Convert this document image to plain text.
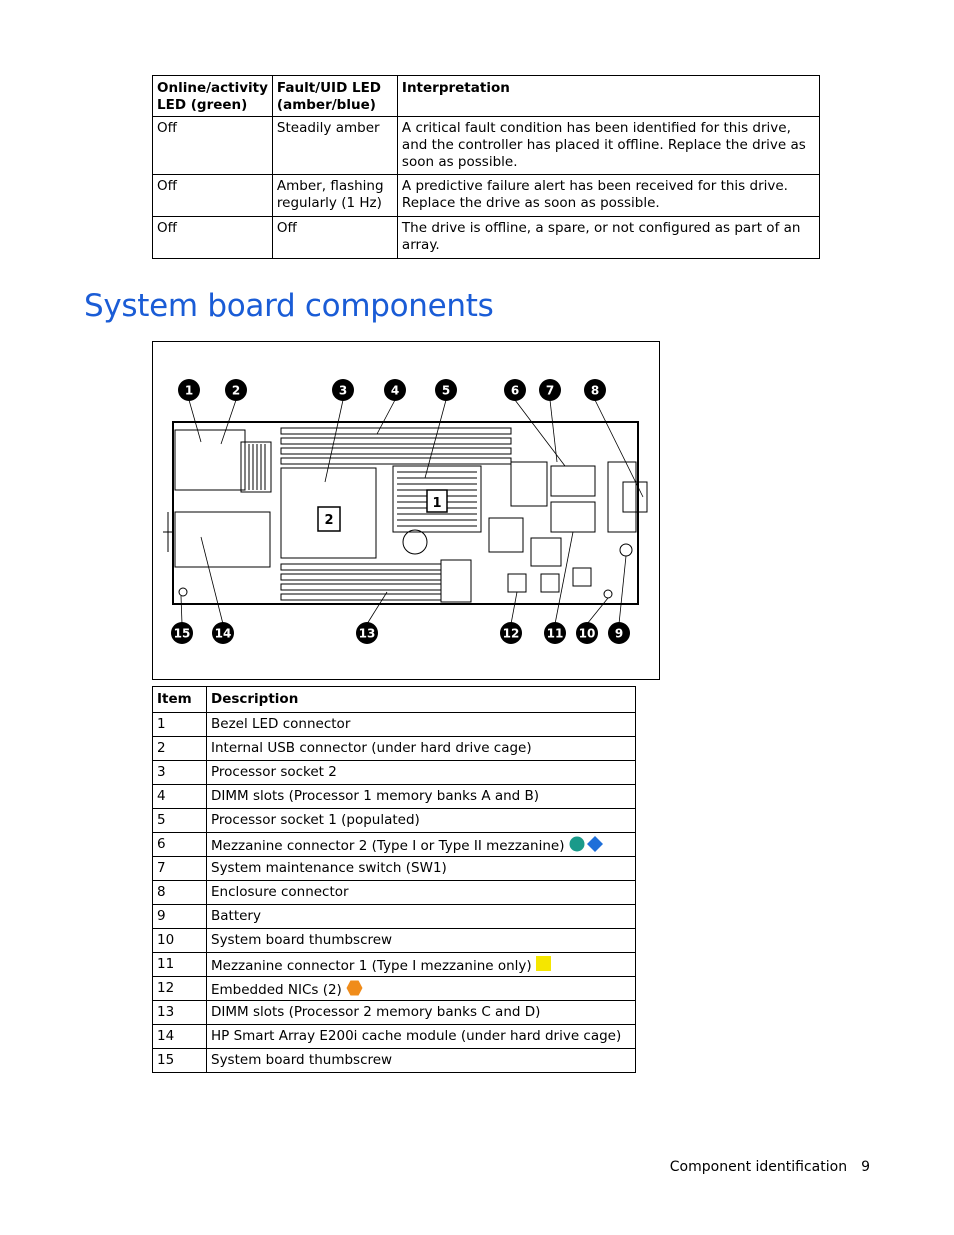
Online/activity LED (green)	Fault/UID LED (amber/blue)	Interpretation
Off	Steadily amber	A critical fault condition has been identified for this drive, and the controller has placed it offline. Replace the drive as soon as possible.
Off	Amber, flashing regularly (1 Hz)	A predictive failure alert has been received for this drive. Replace the drive as soon as possible.
Off	Off	The drive is offline, a spare, or not configured as part of an array.
System board components
1
2
1	2	3	4	5	6 7	8
9
10
11
12
13
14
15
Item	Description
1	Bezel LED connector
2	Internal USB connector (under hard drive cage)
3	Processor socket 2
4	DIMM slots (Processor 1 memory banks A and B)
5	Processor socket 1 (populated)
6	Mezzanine connector 2 (Type I or Type II mezzanine)
7	System maintenance switch (SW1)
8	Enclosure connector
9	Battery
10	System board thumbscrew
11	Mezzanine connector 1 (Type I mezzanine only)
12	Embedded NICs (2)
13	DIMM slots (Processor 2 memory banks C and D)
14	HP Smart Array E200i cache module (under hard drive cage)
15	System board thumbscrew
Component identification 9
